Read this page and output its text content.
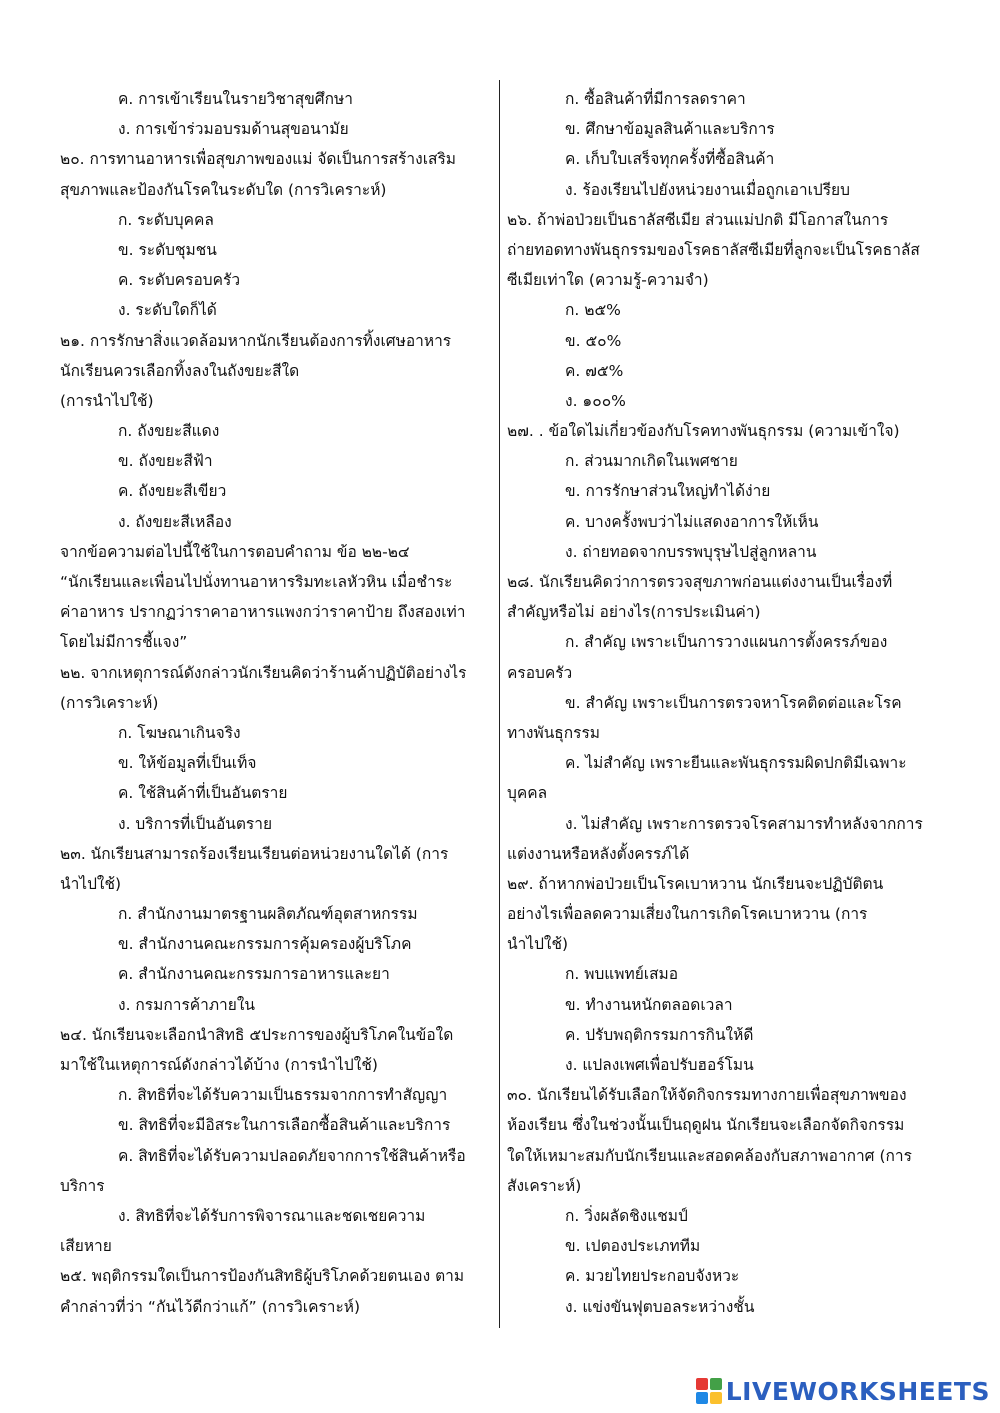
ค. การเข้าเรียนในรายวิชาสุขศึกษา
ง. การเข้าร่วมอบรมด้านสุขอนามัย
๒๐. การทานอาหารเพื่อสุขภาพของแม่ จัดเป็นการสร้างเสริม
สุขภาพและป้องกันโรคในระดับใด (การวิเคราะห์)
ก. ระดับบุคคล
ข. ระดับชุมชน
ค. ระดับครอบครัว
ง. ระดับใดก็ได้
๒๑. การรักษาสิ่งแวดล้อมหากนักเรียนต้องการทิ้งเศษอาหาร
นักเรียนควรเลือกทิ้งลงในถังขยะสีใด
(การนำไปใช้)
ก. ถังขยะสีแดง
ข. ถังขยะสีฟ้า
ค. ถังขยะสีเขียว
ง. ถังขยะสีเหลือง
จากข้อความต่อไปนี้ใช้ในการตอบคำถาม ข้อ ๒๒-๒๔
“นักเรียนและเพื่อนไปนั่งทานอาหารริมทะเลหัวหิน เมื่อชำระ
ค่าอาหาร ปรากฏว่าราคาอาหารแพงกว่าราคาป้าย ถึงสองเท่า
โดยไม่มีการชี้แจง”
๒๒. จากเหตุการณ์ดังกล่าวนักเรียนคิดว่าร้านค้าปฏิบัติอย่างไร
(การวิเคราะห์)
ก. โฆษณาเกินจริง
ข. ให้ข้อมูลที่เป็นเท็จ
ค. ใช้สินค้าที่เป็นอันตราย
ง. บริการที่เป็นอันตราย
๒๓. นักเรียนสามารถร้องเรียนเรียนต่อหน่วยงานใดได้ (การ
นำไปใช้)
ก. สำนักงานมาตรฐานผลิตภัณฑ์อุตสาหกรรม
ข. สำนักงานคณะกรรมการคุ้มครองผู้บริโภค
ค. สำนักงานคณะกรรมการอาหารและยา
ง. กรมการค้าภายใน
๒๔. นักเรียนจะเลือกนำสิทธิ ๕ประการของผู้บริโภคในข้อใด
มาใช้ในเหตุการณ์ดังกล่าวได้บ้าง (การนำไปใช้)
ก. สิทธิที่จะได้รับความเป็นธรรมจากการทำสัญญา
ข. สิทธิที่จะมีอิสระในการเลือกซื้อสินค้าและบริการ
ค. สิทธิที่จะได้รับความปลอดภัยจากการใช้สินค้าหรือ
บริการ
ง. สิทธิที่จะได้รับการพิจารณาและชดเชยความ
เสียหาย
๒๕. พฤติกรรมใดเป็นการป้องกันสิทธิผู้บริโภคด้วยตนเอง ตาม
คำกล่าวที่ว่า “กันไว้ดีกว่าแก้” (การวิเคราะห์)
ก. ซื้อสินค้าที่มีการลดราคา
ข. ศึกษาข้อมูลสินค้าและบริการ
ค. เก็บใบเสร็จทุกครั้งที่ซื้อสินค้า
ง. ร้องเรียนไปยังหน่วยงานเมื่อถูกเอาเปรียบ
๒๖. ถ้าพ่อป่วยเป็นธาลัสซีเมีย ส่วนแม่ปกติ มีโอกาสในการ
ถ่ายทอดทางพันธุกรรมของโรคธาลัสซีเมียที่ลูกจะเป็นโรคธาลัส
ซีเมียเท่าใด (ความรู้-ความจำ)
ก. ๒๕%
ข. ๕๐%
ค. ๗๕%
ง. ๑๐๐%
๒๗. . ข้อใดไม่เกี่ยวข้องกับโรคทางพันธุกรรม (ความเข้าใจ)
ก. ส่วนมากเกิดในเพศชาย
ข. การรักษาส่วนใหญ่ทำได้ง่าย
ค. บางครั้งพบว่าไม่แสดงอาการให้เห็น
ง. ถ่ายทอดจากบรรพบุรุษไปสู่ลูกหลาน
๒๘. นักเรียนคิดว่าการตรวจสุขภาพก่อนแต่งงานเป็นเรื่องที่
สำคัญหรือไม่ อย่างไร(การประเมินค่า)
ก. สำคัญ เพราะเป็นการวางแผนการตั้งครรภ์ของ
ครอบครัว
ข. สำคัญ เพราะเป็นการตรวจหาโรคติดต่อและโรค
ทางพันธุกรรม
ค. ไม่สำคัญ เพราะยีนและพันธุกรรมผิดปกติมีเฉพาะ
บุคคล
ง. ไม่สำคัญ เพราะการตรวจโรคสามารทำหลังจากการ
แต่งงานหรือหลังตั้งครรภ์ได้
๒๙. ถ้าหากพ่อป่วยเป็นโรคเบาหวาน นักเรียนจะปฏิบัติตน
อย่างไรเพื่อลดความเสี่ยงในการเกิดโรคเบาหวาน (การ
นำไปใช้)
ก. พบแพทย์เสมอ
ข. ทำงานหนักตลอดเวลา
ค. ปรับพฤติกรรมการกินให้ดี
ง. แปลงเพศเพื่อปรับฮอร์โมน
๓๐. นักเรียนได้รับเลือกให้จัดกิจกรรมทางกายเพื่อสุขภาพของ
ห้องเรียน ซึ่งในช่วงนั้นเป็นฤดูฝน นักเรียนจะเลือกจัดกิจกรรม
ใดให้เหมาะสมกับนักเรียนและสอดคล้องกับสภาพอากาศ (การ
สังเคราะห์)
ก. วิ่งผลัดชิงแชมป์
ข. เปตองประเภททีม
ค. มวยไทยประกอบจังหวะ
ง. แข่งขันฟุตบอลระหว่างชั้น
LIVEWORKSHEETS
